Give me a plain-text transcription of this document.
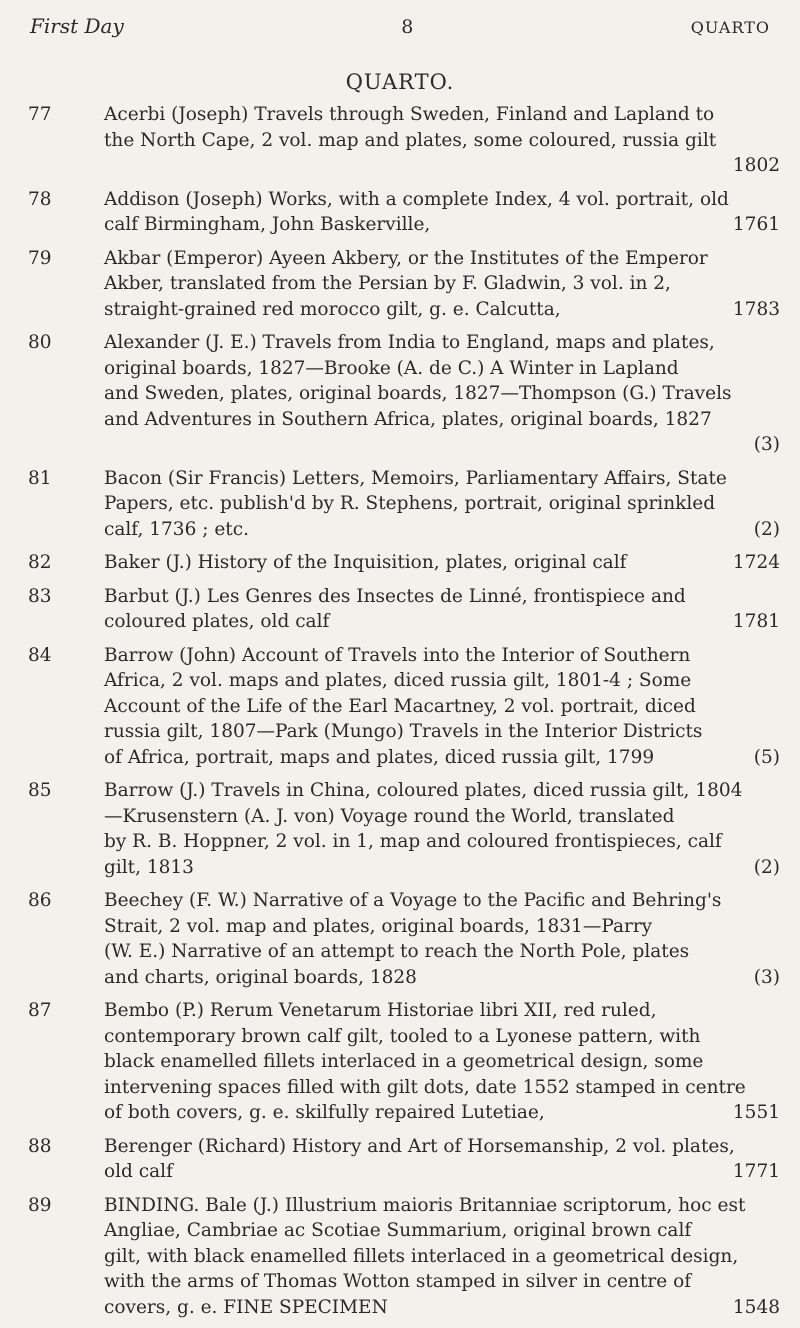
First Day	8	QUARTO
QUARTO.
77	Acerbi (Joseph) Travels through Sweden, Finland and Lapland to
the North Cape, 2 vol. map and plates, some coloured, russia gilt
1802
78	Addison (Joseph) Works, with a complete Index, 4 vol. portrait, old
calf Birmingham, John Baskerville,	1761
79	Akbar (Emperor) Ayeen Akbery, or the Institutes of the Emperor
Akber, translated from the Persian by F. Gladwin, 3 vol. in 2,
straight-grained red morocco gilt, g. e. Calcutta,	1783
80	Alexander (J. E.) Travels from India to England, maps and plates,
original boards, 1827—Brooke (A. de C.) A Winter in Lapland
and Sweden, plates, original boards, 1827—Thompson (G.) Travels
and Adventures in Southern Africa, plates, original boards, 1827
(3)
81	Bacon (Sir Francis) Letters, Memoirs, Parliamentary Affairs, State
Papers, etc. publish'd by R. Stephens, portrait, original sprinkled
calf, 1736 ; etc.	(2)
82	Baker (J.) History of the Inquisition, plates, original calf	1724
83	Barbut (J.) Les Genres des Insectes de Linné, frontispiece and
coloured plates, old calf	1781
84	Barrow (John) Account of Travels into the Interior of Southern
Africa, 2 vol. maps and plates, diced russia gilt, 1801-4 ; Some
Account of the Life of the Earl Macartney, 2 vol. portrait, diced
russia gilt, 1807—Park (Mungo) Travels in the Interior Districts
of Africa, portrait, maps and plates, diced russia gilt, 1799	(5)
85	Barrow (J.) Travels in China, coloured plates, diced russia gilt, 1804
—Krusenstern (A. J. von) Voyage round the World, translated
by R. B. Hoppner, 2 vol. in 1, map and coloured frontispieces, calf
gilt, 1813	(2)
86	Beechey (F. W.) Narrative of a Voyage to the Pacific and Behring's
Strait, 2 vol. map and plates, original boards, 1831—Parry
(W. E.) Narrative of an attempt to reach the North Pole, plates
and charts, original boards, 1828	(3)
87	Bembo (P.) Rerum Venetarum Historiae libri XII, red ruled,
contemporary brown calf gilt, tooled to a Lyonese pattern, with
black enamelled fillets interlaced in a geometrical design, some
intervening spaces filled with gilt dots, date 1552 stamped in centre
of both covers, g. e. skilfully repaired Lutetiae,	1551
88	Berenger (Richard) History and Art of Horsemanship, 2 vol. plates,
old calf	1771
89	BINDING. Bale (J.) Illustrium maioris Britanniae scriptorum, hoc est
Angliae, Cambriae ac Scotiae Summarium, original brown calf
gilt, with black enamelled fillets interlaced in a geometrical design,
with the arms of Thomas Wotton stamped in silver in centre of
covers, g. e. FINE SPECIMEN	1548
